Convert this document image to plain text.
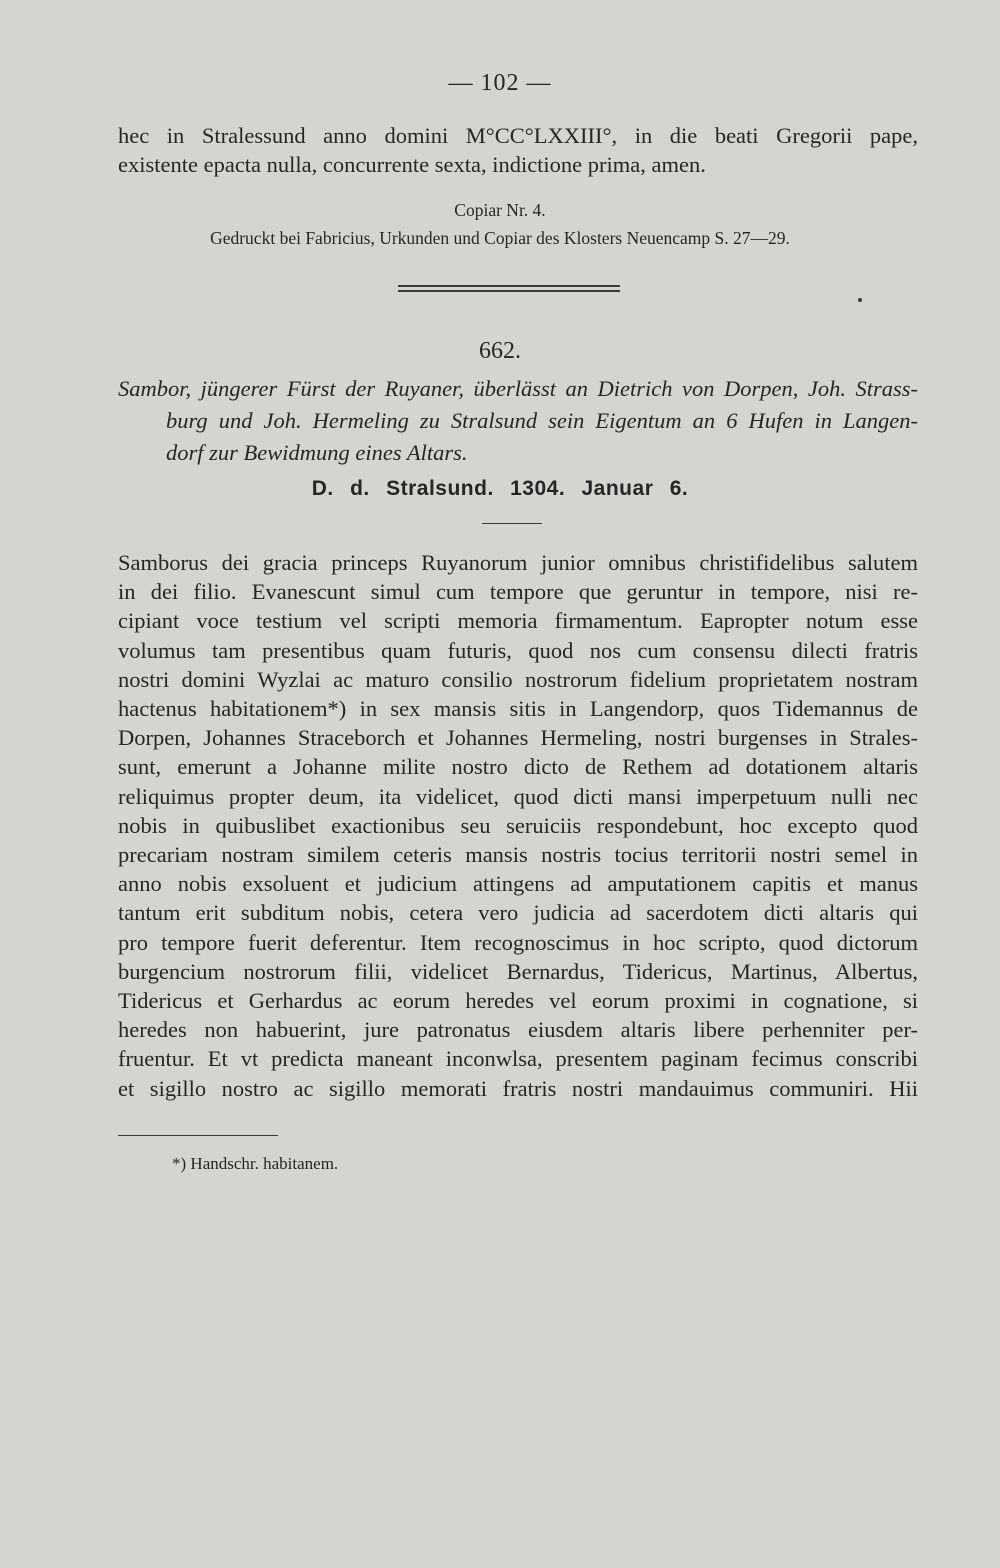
— 102 —
hec in Stralessund anno domini M°CC°LXXIII°, in die beati Gregorii pape,
existente epacta nulla, concurrente sexta, indictione prima, amen.
Copiar Nr. 4.
Gedruckt bei Fabricius, Urkunden und Copiar des Klosters Neuencamp S. 27—29.
662.
Sambor, jüngerer Fürst der Ruyaner, überlässt an Dietrich von Dorpen, Joh. Strass-
burg und Joh. Hermeling zu Stralsund sein Eigentum an 6 Hufen in Langen-
dorf zur Bewidmung eines Altars.
D. d. Stralsund. 1304. Januar 6.
Samborus dei gracia princeps Ruyanorum junior omnibus christifidelibus salutem
in dei filio. Evanescunt simul cum tempore que geruntur in tempore, nisi re-
cipiant voce testium vel scripti memoria firmamentum. Eapropter notum esse
volumus tam presentibus quam futuris, quod nos cum consensu dilecti fratris
nostri domini Wyzlai ac maturo consilio nostrorum fidelium proprietatem nostram
hactenus habitationem*) in sex mansis sitis in Langendorp, quos Tidemannus de
Dorpen, Johannes Straceborch et Johannes Hermeling, nostri burgenses in Strales-
sunt, emerunt a Johanne milite nostro dicto de Rethem ad dotationem altaris
reliquimus propter deum, ita videlicet, quod dicti mansi imperpetuum nulli nec
nobis in quibuslibet exactionibus seu seruiciis respondebunt, hoc excepto quod
precariam nostram similem ceteris mansis nostris tocius territorii nostri semel in
anno nobis exsoluent et judicium attingens ad amputationem capitis et manus
tantum erit subditum nobis, cetera vero judicia ad sacerdotem dicti altaris qui
pro tempore fuerit deferentur. Item recognoscimus in hoc scripto, quod dictorum
burgencium nostrorum filii, videlicet Bernardus, Tidericus, Martinus, Albertus,
Tidericus et Gerhardus ac eorum heredes vel eorum proximi in cognatione, si
heredes non habuerint, jure patronatus eiusdem altaris libere perhenniter per-
fruentur. Et vt predicta maneant inconwlsa, presentem paginam fecimus conscribi
et sigillo nostro ac sigillo memorati fratris nostri mandauimus communiri. Hii
*) Handschr. habitanem.
